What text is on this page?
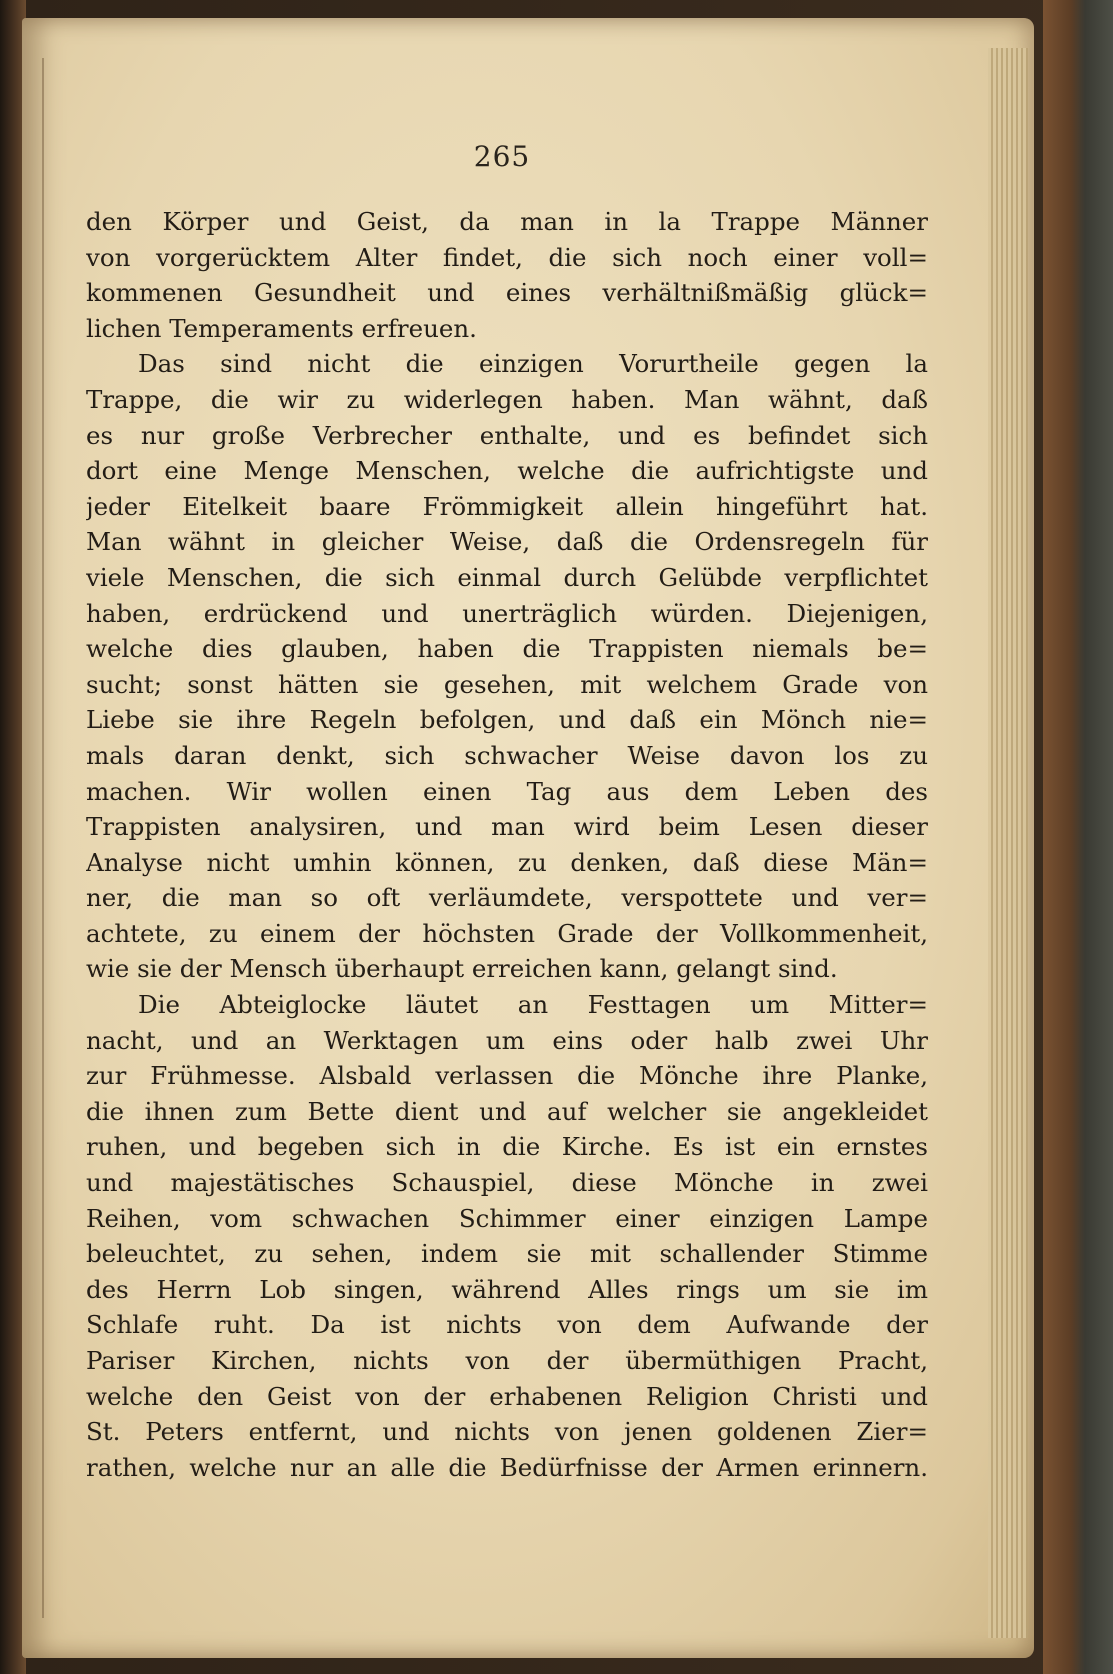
265
den Körper und Geist, da man in la Trappe Männer
von vorgerücktem Alter findet, die sich noch einer voll=
kommenen Gesundheit und eines verhältnißmäßig glück=
lichen Temperaments erfreuen.
Das sind nicht die einzigen Vorurtheile gegen la
Trappe, die wir zu widerlegen haben. Man wähnt, daß
es nur große Verbrecher enthalte, und es befindet sich
dort eine Menge Menschen, welche die aufrichtigste und
jeder Eitelkeit baare Frömmigkeit allein hingeführt hat.
Man wähnt in gleicher Weise, daß die Ordensregeln für
viele Menschen, die sich einmal durch Gelübde verpflichtet
haben, erdrückend und unerträglich würden. Diejenigen,
welche dies glauben, haben die Trappisten niemals be=
sucht; sonst hätten sie gesehen, mit welchem Grade von
Liebe sie ihre Regeln befolgen, und daß ein Mönch nie=
mals daran denkt, sich schwacher Weise davon los zu
machen. Wir wollen einen Tag aus dem Leben des
Trappisten analysiren, und man wird beim Lesen dieser
Analyse nicht umhin können, zu denken, daß diese Män=
ner, die man so oft verläumdete, verspottete und ver=
achtete, zu einem der höchsten Grade der Vollkommenheit,
wie sie der Mensch überhaupt erreichen kann, gelangt sind.
Die Abteiglocke läutet an Festtagen um Mitter=
nacht, und an Werktagen um eins oder halb zwei Uhr
zur Frühmesse. Alsbald verlassen die Mönche ihre Planke,
die ihnen zum Bette dient und auf welcher sie angekleidet
ruhen, und begeben sich in die Kirche. Es ist ein ernstes
und majestätisches Schauspiel, diese Mönche in zwei
Reihen, vom schwachen Schimmer einer einzigen Lampe
beleuchtet, zu sehen, indem sie mit schallender Stimme
des Herrn Lob singen, während Alles rings um sie im
Schlafe ruht. Da ist nichts von dem Aufwande der
Pariser Kirchen, nichts von der übermüthigen Pracht,
welche den Geist von der erhabenen Religion Christi und
St. Peters entfernt, und nichts von jenen goldenen Zier=
rathen, welche nur an alle die Bedürfnisse der Armen erinnern.
